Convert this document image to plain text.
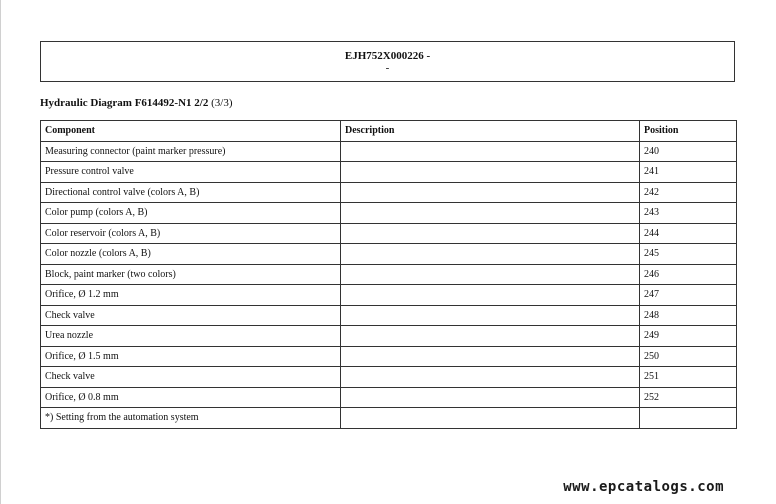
EJH752X000226 -
-
Hydraulic Diagram F614492-N1 2/2 (3/3)
Component	Description	Position
Measuring connector (paint marker pressure)		240
Pressure control valve		241
Directional control valve (colors A, B)		242
Color pump (colors A, B)		243
Color reservoir (colors A, B)		244
Color nozzle (colors A, B)		245
Block, paint marker (two colors)		246
Orifice, Ø 1.2 mm		247
Check valve		248
Urea nozzle		249
Orifice, Ø 1.5 mm		250
Check valve		251
Orifice, Ø 0.8 mm		252
*) Setting from the automation system		
www.epcatalogs.com
